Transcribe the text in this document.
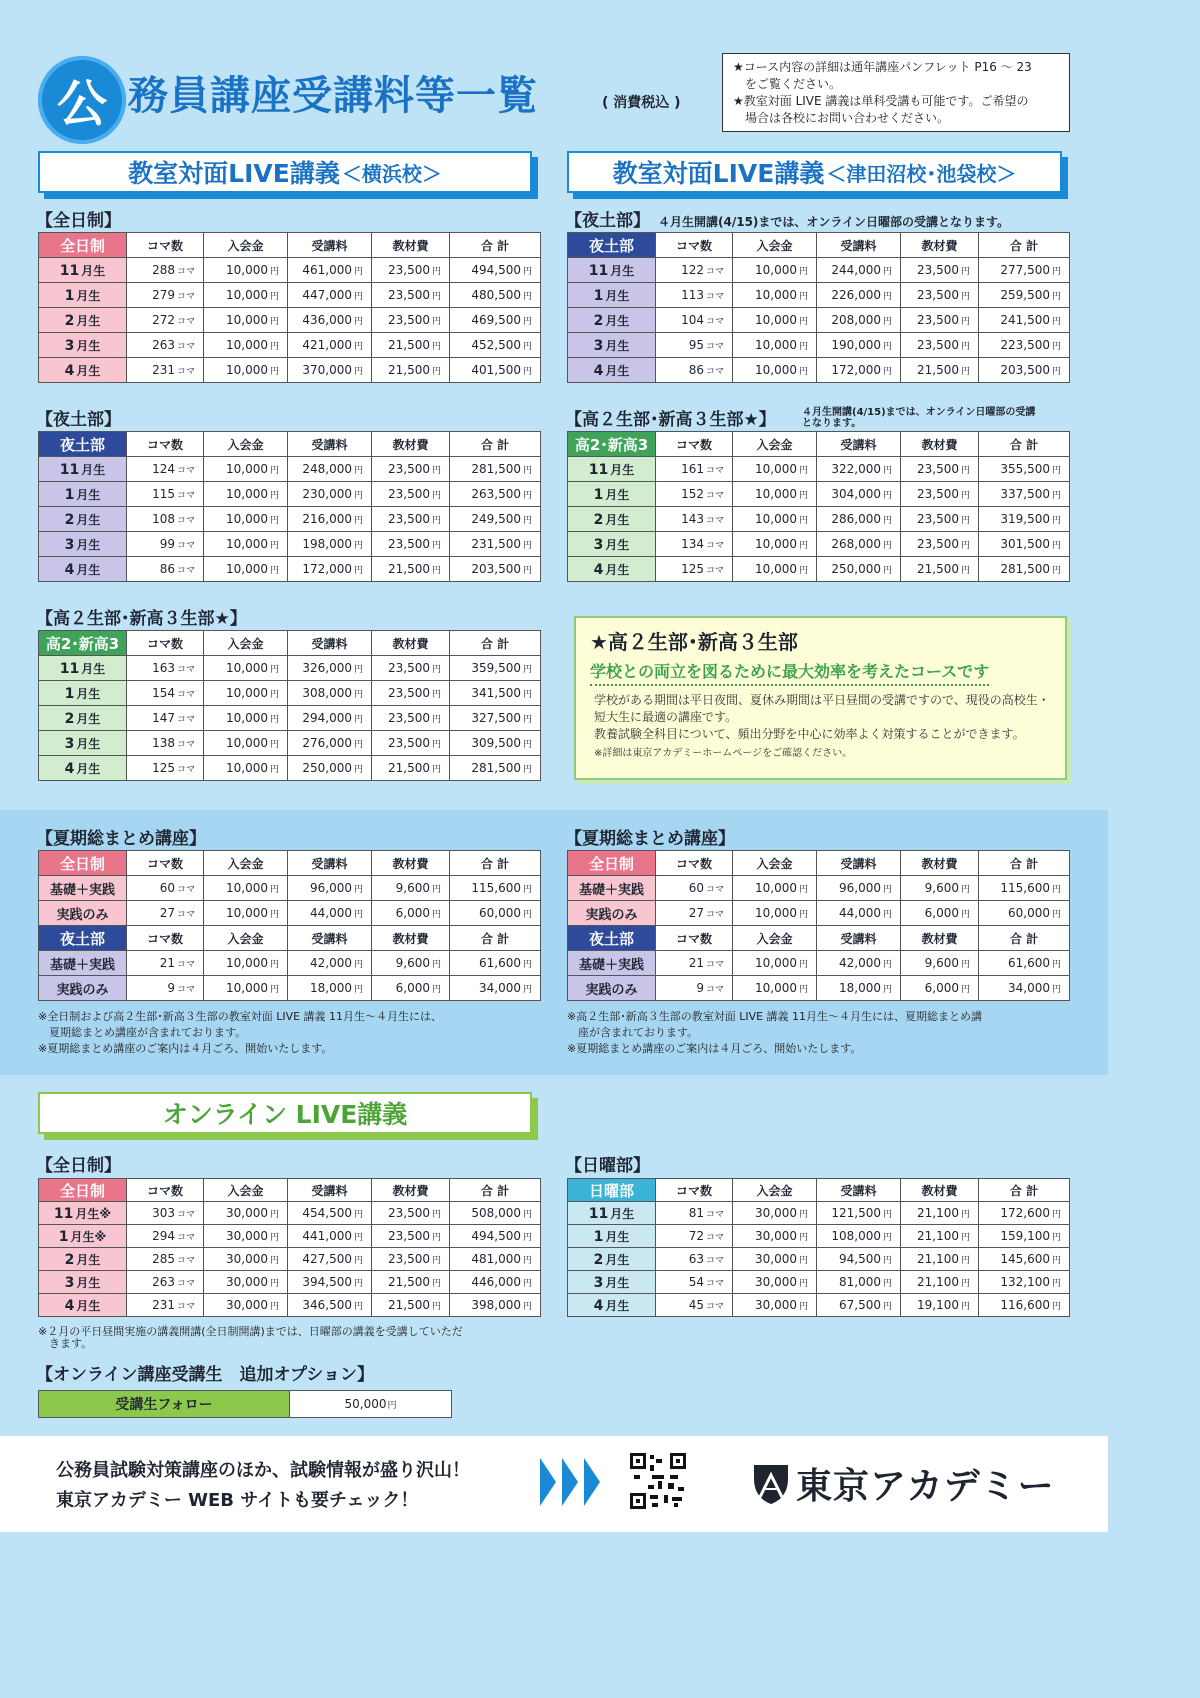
公 務員講座受講料等一覧	( 消費税込 )
★コース内容の詳細は通年講座パンフレット P16 ～ 23
　をご覧ください。
★教室対面 LIVE 講義は単科受講も可能です。ご希望の
　場合は各校にお問い合わせください。
教室対面LIVE講義 ＜横浜校＞	教室対面LIVE講義 ＜津田沼校･池袋校＞
【全日制】	【夜土部】 ４月生開講(4/15)までは、オンライン日曜部の受講となります。
【夜土部】	【高２生部･新高３生部★】	４月生開講(4/15)までは、オンライン日曜部の受講
となります。
【高２生部･新高３生部★】
全日制	コマ数	入会金	受講料	教材費	合 計
11 月生	288 コマ	10,000 円	461,000 円	23,500 円	494,500 円
1 月生	279 コマ	10,000 円	447,000 円	23,500 円	480,500 円
2 月生	272 コマ	10,000 円	436,000 円	23,500 円	469,500 円
3 月生	263 コマ	10,000 円	421,000 円	21,500 円	452,500 円
4 月生	231 コマ	10,000 円	370,000 円	21,500 円	401,500 円
夜土部	コマ数	入会金	受講料	教材費	合 計
11 月生	122 コマ	10,000 円	244,000 円	23,500 円	277,500 円
1 月生	113 コマ	10,000 円	226,000 円	23,500 円	259,500 円
2 月生	104 コマ	10,000 円	208,000 円	23,500 円	241,500 円
3 月生	95 コマ	10,000 円	190,000 円	23,500 円	223,500 円
4 月生	86 コマ	10,000 円	172,000 円	21,500 円	203,500 円
夜土部	コマ数	入会金	受講料	教材費	合 計
11 月生	124 コマ	10,000 円	248,000 円	23,500 円	281,500 円
1 月生	115 コマ	10,000 円	230,000 円	23,500 円	263,500 円
2 月生	108 コマ	10,000 円	216,000 円	23,500 円	249,500 円
3 月生	99 コマ	10,000 円	198,000 円	23,500 円	231,500 円
4 月生	86 コマ	10,000 円	172,000 円	21,500 円	203,500 円
高2･新高3	コマ数	入会金	受講料	教材費	合 計
11 月生	161 コマ	10,000 円	322,000 円	23,500 円	355,500 円
1 月生	152 コマ	10,000 円	304,000 円	23,500 円	337,500 円
2 月生	143 コマ	10,000 円	286,000 円	23,500 円	319,500 円
3 月生	134 コマ	10,000 円	268,000 円	23,500 円	301,500 円
4 月生	125 コマ	10,000 円	250,000 円	21,500 円	281,500 円
高2･新高3	コマ数	入会金	受講料	教材費	合 計
11 月生	163 コマ	10,000 円	326,000 円	23,500 円	359,500 円
1 月生	154 コマ	10,000 円	308,000 円	23,500 円	341,500 円
2 月生	147 コマ	10,000 円	294,000 円	23,500 円	327,500 円
3 月生	138 コマ	10,000 円	276,000 円	23,500 円	309,500 円
4 月生	125 コマ	10,000 円	250,000 円	21,500 円	281,500 円
全日制	コマ数	入会金	受講料	教材費	合 計
基礎＋実践	60 コマ	10,000 円	96,000 円	9,600 円	115,600 円
実践のみ	27 コマ	10,000 円	44,000 円	6,000 円	60,000 円
夜土部	コマ数	入会金	受講料	教材費	合 計
基礎＋実践	21 コマ	10,000 円	42,000 円	9,600 円	61,600 円
実践のみ	9 コマ	10,000 円	18,000 円	6,000 円	34,000 円
全日制	コマ数	入会金	受講料	教材費	合 計
基礎＋実践	60 コマ	10,000 円	96,000 円	9,600 円	115,600 円
実践のみ	27 コマ	10,000 円	44,000 円	6,000 円	60,000 円
夜土部	コマ数	入会金	受講料	教材費	合 計
基礎＋実践	21 コマ	10,000 円	42,000 円	9,600 円	61,600 円
実践のみ	9 コマ	10,000 円	18,000 円	6,000 円	34,000 円
全日制	コマ数	入会金	受講料	教材費	合 計
11 月生※	303 コマ	30,000 円	454,500 円	23,500 円	508,000 円
1 月生※	294 コマ	30,000 円	441,000 円	23,500 円	494,500 円
2 月生	285 コマ	30,000 円	427,500 円	23,500 円	481,000 円
3 月生	263 コマ	30,000 円	394,500 円	21,500 円	446,000 円
4 月生	231 コマ	30,000 円	346,500 円	21,500 円	398,000 円
日曜部	コマ数	入会金	受講料	教材費	合 計
11 月生	81 コマ	30,000 円	121,500 円	21,100 円	172,600 円
1 月生	72 コマ	30,000 円	108,000 円	21,100 円	159,100 円
2 月生	63 コマ	30,000 円	94,500 円	21,100 円	145,600 円
3 月生	54 コマ	30,000 円	81,000 円	21,100 円	132,100 円
4 月生	45 コマ	30,000 円	67,500 円	19,100 円	116,600 円
★高２生部･新高３生部
学校との両立を図るために最大効率を考えたコースです

学校がある期間は平日夜間、夏休み期間は平日昼間の受講ですので、現役の高校生・短大生に最適の講座です。

教養試験全科目について、頻出分野を中心に効率よく対策することができます。

※詳細は東京アカデミーホームページをご確認ください。

【夏期総まとめ講座】	【夏期総まとめ講座】
※全日制および高２生部･新高３生部の教室対面 LIVE 講義 11月生～４月生には、
　夏期総まとめ講座が含まれております。
※夏期総まとめ講座のご案内は４月ごろ、開始いたします。
※高２生部･新高３生部の教室対面 LIVE 講義 11月生～４月生には、夏期総まとめ講
　座が含まれております。
※夏期総まとめ講座のご案内は４月ごろ、開始いたします。
オンライン LIVE講義
【全日制】	【日曜部】
※２月の平日昼間実施の講義開講(全日制開講)までは、日曜部の講義を受講していただ
　きます。
【オンライン講座受講生　追加オプション】
受講生フォロー	50,000 円
公務員試験対策講座のほか、試験情報が盛り沢山！
東京アカデミー WEB サイトも要チェック！	東京アカデミー
